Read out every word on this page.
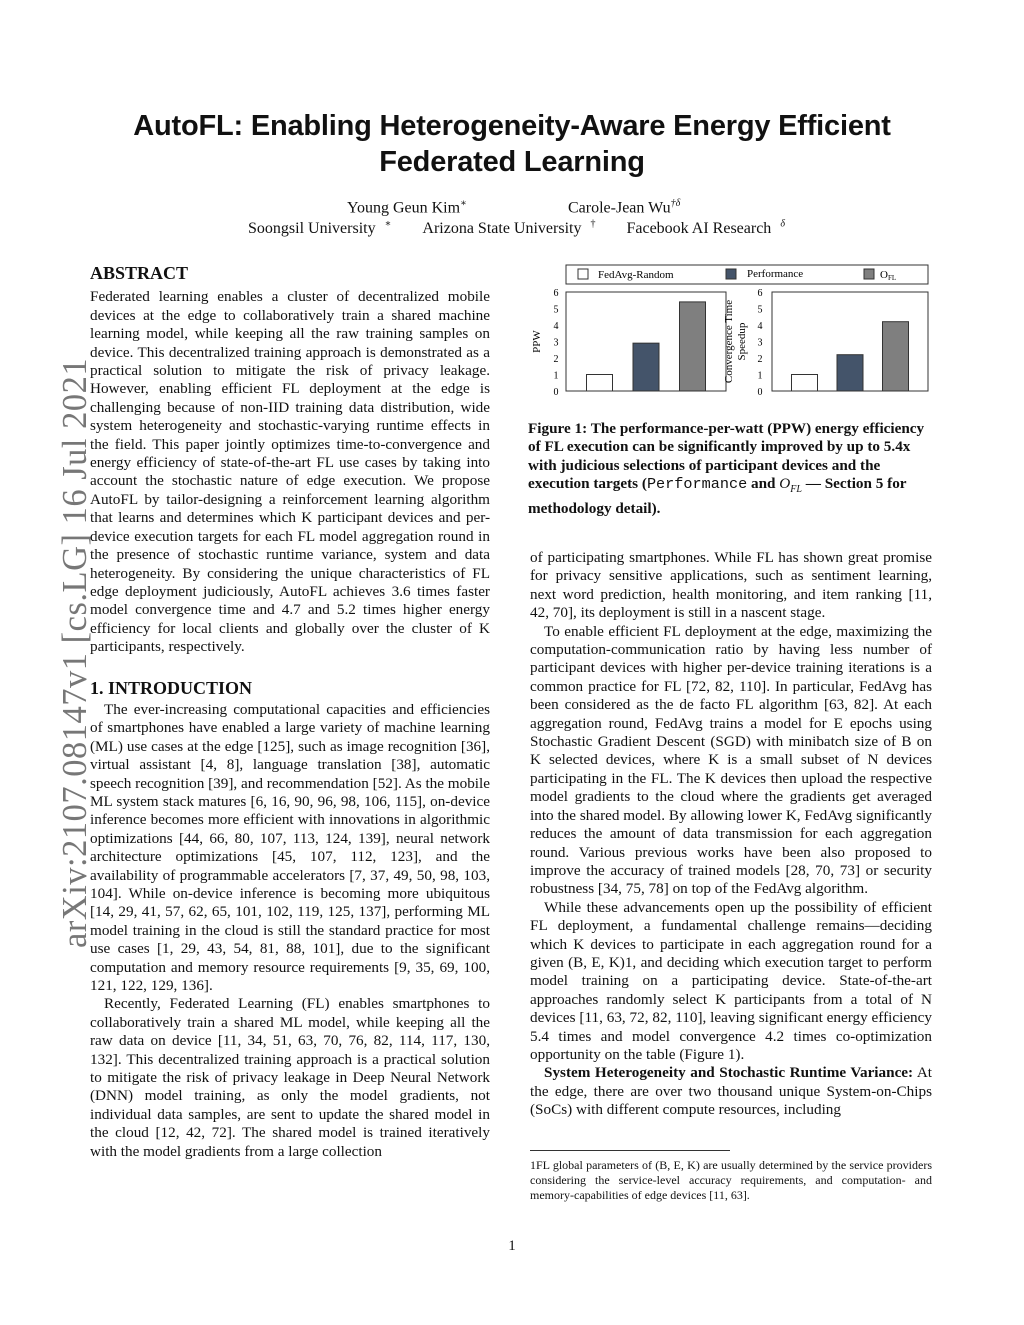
AutoFL: Enabling Heterogeneity-Aware Energy Efficient
Federated Learning
Young Geun Kim∗	Carole-Jean $Wu^{\dagger\delta}$
Soongsil University ∗ Arizona State University † Facebook AI Research $^\delta$
arXiv:2107.08147v1 [cs.LG] 16 Jul 2021

ABSTRACT

Federated learning enables a cluster of decentralized mobile devices at the edge to collaboratively train a shared machine learning model, while keeping all the raw training samples on device. This decentralized training approach is demonstrated as a practical solution to mitigate the risk of privacy leakage. However, enabling efficient FL deployment at the edge is challenging because of non-IID training data distribution, wide system heterogeneity and stochastic-varying runtime effects in the field. This paper jointly optimizes time-to-convergence and energy efficiency of state-of-the-art FL use cases by taking into account the stochastic nature of edge execution. We propose AutoFL by tailor-designing a reinforcement learning algorithm that learns and determines which K participant devices and per-device execution targets for each FL model aggregation round in the presence of stochastic runtime variance, system and data heterogeneity. By considering the unique characteristics of FL edge deployment judiciously, AutoFL achieves 3.6 times faster model convergence time and 4.7 and 5.2 times higher energy efficiency for local clients and globally over the cluster of K participants, respectively.

1. INTRODUCTION

The ever-increasing computational capacities and efficiencies of smartphones have enabled a large variety of machine learning (ML) use cases at the edge [125], such as image recognition [36], virtual assistant [4, 8], language translation [38], automatic speech recognition [39], and recommendation [52]. As the mobile ML system stack matures [6, 16, 90, 96, 98, 106, 115], on-device inference becomes more efficient with innovations in algorithmic optimizations [44, 66, 80, 107, 113, 124, 139], neural network architecture optimizations [45, 107, 112, 123], and the availability of programmable accelerators [7, 37, 49, 50, 98, 103, 104]. While on-device inference is becoming more ubiquitous [14, 29, 41, 57, 62, 65, 101, 102, 119, 125, 137], performing ML model training in the cloud is still the standard practice for most use cases [1, 29, 43, 54, 81, 88, 101], due to the significant computation and memory resource requirements [9, 35, 69, 100, 121, 122, 129, 136].

Recently, Federated Learning (FL) enables smartphones to collaboratively train a shared ML model, while keeping all the raw data on device [11, 34, 51, 63, 70, 76, 82, 114, 117, 130, 132]. This decentralized training approach is a practical solution to mitigate the risk of privacy leakage in Deep Neural Network (DNN) model training, as only the model gradients, not individual data samples, are sent to update the shared model in the cloud [12, 42, 72]. The shared model is trained iteratively with the model gradients from a large collection

FedAvg-Random	Performance	OFL
0
1
2
3
4
5
6
PPW
0
1
2
3
4
5
6
Convergence TimeSpeedup
Figure 1: The performance-per-watt (PPW) energy efficiency of FL execution can be significantly improved by up to 5.4x with judicious selections of participant devices and the execution targets (Performance and $O_{FL}$ — Section 5 for methodology detail).

of participating smartphones. While FL has shown great promise for privacy sensitive applications, such as sentiment learning, next word prediction, health monitoring, and item ranking [11, 42, 70], its deployment is still in a nascent stage.

To enable efficient FL deployment at the edge, maximizing the computation-communication ratio by having less number of participant devices with higher per-device training iterations is a common practice for FL [72, 82, 110]. In particular, FedAvg has been considered as the de facto FL algorithm [63, 82]. At each aggregation round, FedAvg trains a model for E epochs using Stochastic Gradient Descent (SGD) with minibatch size of B on K selected devices, where K is a small subset of N devices participating in the FL. The K devices then upload the respective model gradients to the cloud where the gradients get averaged into the shared model. By allowing lower K, FedAvg significantly reduces the amount of data transmission for each aggregation round. Various previous works have been also proposed to improve the accuracy of trained models [28, 70, 73] or security robustness [34, 75, 78] on top of the FedAvg algorithm.

While these advancements open up the possibility of efficient FL deployment, a fundamental challenge remains—deciding which K devices to participate in each aggregation round for a given (B, E, K)1, and deciding which execution target to perform model training on a participating device. State-of-the-art approaches randomly select K participants from a total of N devices [11, 63, 72, 82, 110], leaving significant energy efficiency 5.4 times and model convergence 4.2 times co-optimization opportunity on the table (Figure 1).

System Heterogeneity and Stochastic Runtime Variance: At the edge, there are over two thousand unique System-on-Chips (SoCs) with different compute resources, including

1FL global parameters of (B, E, K) are usually determined by the service providers considering the service-level accuracy requirements, and computation- and memory-capabilities of edge devices [11, 63].
1
